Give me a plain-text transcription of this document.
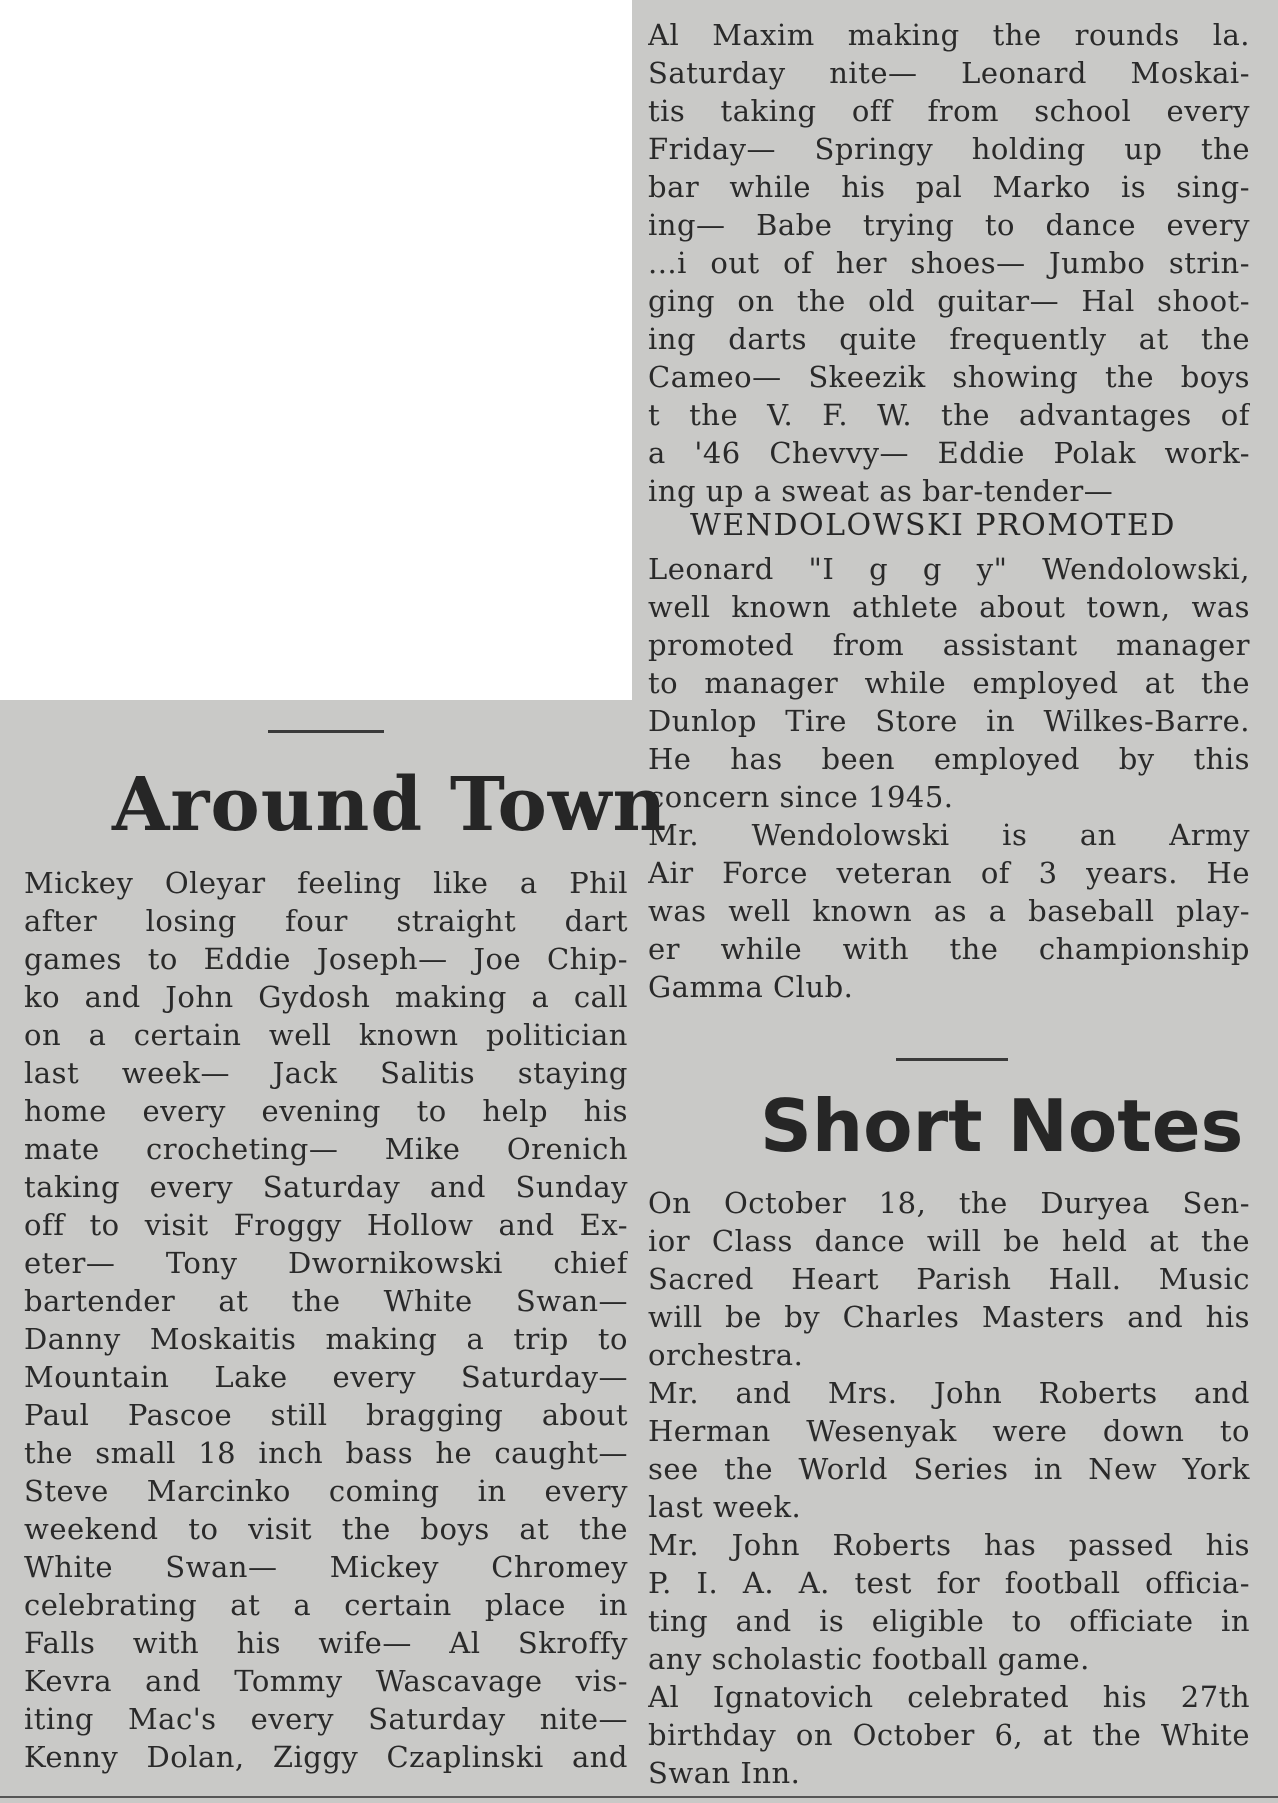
Al Maxim making the rounds la.
Saturday nite— Leonard Moskai-
tis taking off from school every
Friday— Springy holding up the
bar while his pal Marko is sing-
ing— Babe trying to dance every
...i out of her shoes— Jumbo strin-
ging on the old guitar— Hal shoot-
ing darts quite frequently at the
Cameo— Skeezik showing the boys
t the V. F. W. the advantages of
a '46 Chevvy— Eddie Polak work-
ing up a sweat as bar-tender—
WENDOLOWSKI PROMOTED
Leonard "I g g y" Wendolowski,
well known athlete about town, was
promoted from assistant manager
to manager while employed at the
Dunlop Tire Store in Wilkes-Barre.
He has been employed by this
concern since 1945.
Mr. Wendolowski is an Army
Air Force veteran of 3 years. He
was well known as a baseball play-
er while with the championship
Gamma Club.
Around Town
Mickey Oleyar feeling like a Phil
after losing four straight dart
games to Eddie Joseph— Joe Chip-
ko and John Gydosh making a call
on a certain well known politician
last week— Jack Salitis staying
home every evening to help his
mate crocheting— Mike Orenich
taking every Saturday and Sunday
off to visit Froggy Hollow and Ex-
eter— Tony Dwornikowski chief
bartender at the White Swan—
Danny Moskaitis making a trip to
Mountain Lake every Saturday—
Paul Pascoe still bragging about
the small 18 inch bass he caught—
Steve Marcinko coming in every
weekend to visit the boys at the
White Swan— Mickey Chromey
celebrating at a certain place in
Falls with his wife— Al Skroffy
Kevra and Tommy Wascavage vis-
iting Mac's every Saturday nite—
Kenny Dolan, Ziggy Czaplinski and
Short Notes
On October 18, the Duryea Sen-
ior Class dance will be held at the
Sacred Heart Parish Hall. Music
will be by Charles Masters and his
orchestra.
Mr. and Mrs. John Roberts and
Herman Wesenyak were down to
see the World Series in New York
last week.
Mr. John Roberts has passed his
P. I. A. A. test for football officia-
ting and is eligible to officiate in
any scholastic football game.
Al Ignatovich celebrated his 27th
birthday on October 6, at the White
Swan Inn.
